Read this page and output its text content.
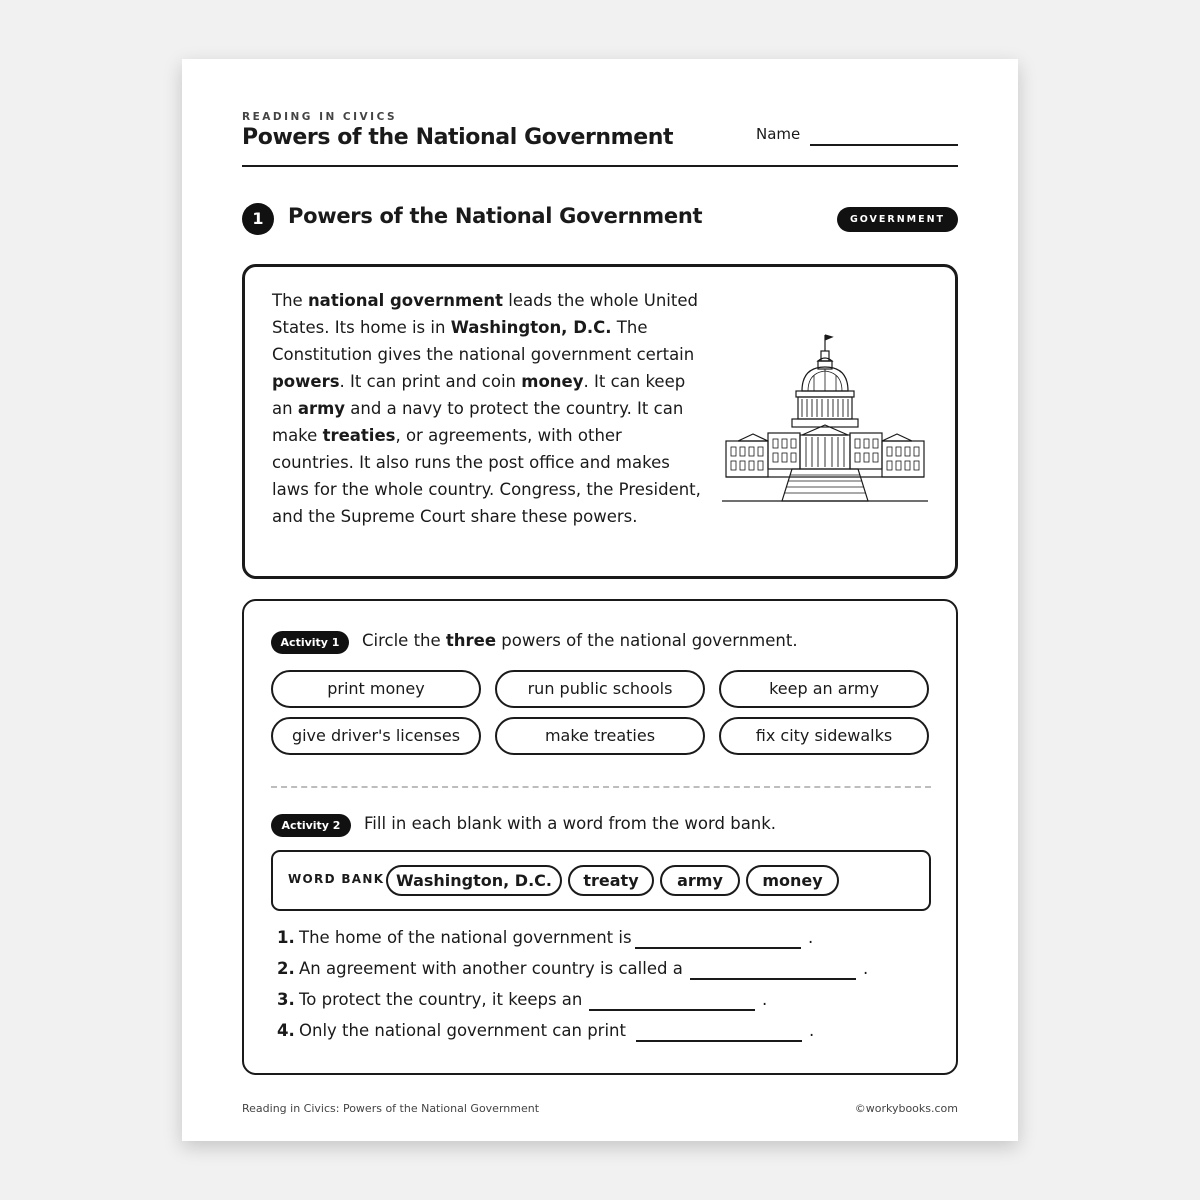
READING IN CIVICS
Powers of the National Government	Name
1	Powers of the National Government	GOVERNMENT
The national government leads the whole United States. Its home is in Washington, D.C. The Constitution gives the national government certain powers. It can print and coin money. It can keep an army and a navy to protect the country. It can make treaties, or agreements, with other countries. It also runs the post office and makes laws for the whole country. Congress, the President, and the Supreme Court share these powers.
Activity 1	Circle the three powers of the national government.
print money	run public schools	keep an army
give driver's licenses	make treaties	fix city sidewalks
Activity 2	Fill in each blank with a word from the word bank.
WORD BANK Washington, D.C.	treaty	army	money
1. The home of the national government is	.
2. An agreement with another country is called a	.
3. To protect the country, it keeps an	.
4. Only the national government can print	.
Reading in Civics: Powers of the National Government	©workybooks.com
